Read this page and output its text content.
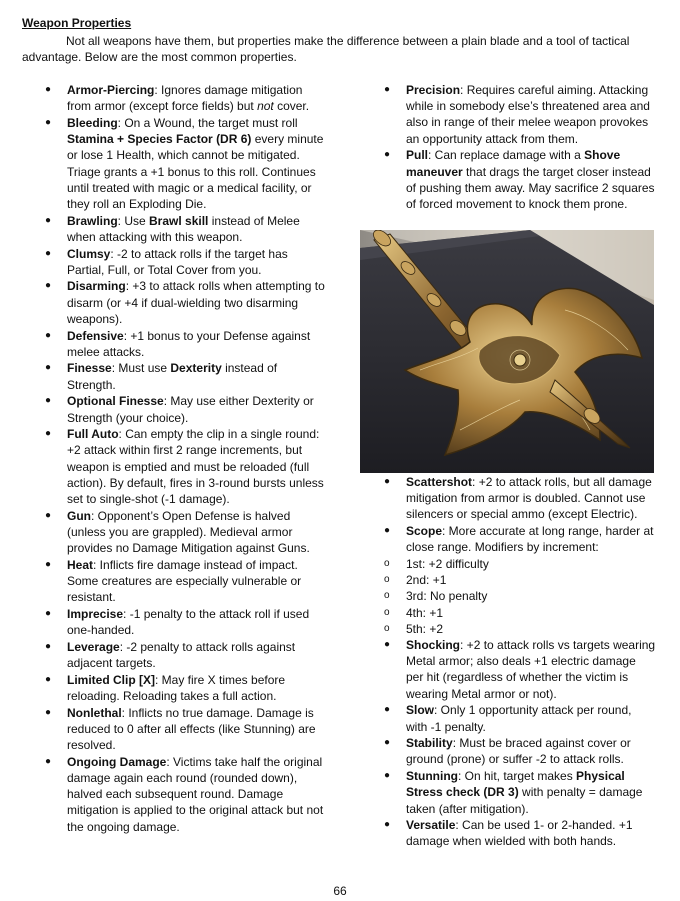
Weapon Properties

Not all weapons have them, but properties make the difference between a plain blade and a tool of tactical advantage. Below are the most common properties.

●	Armor-Piercing: Ignores damage mitigation from armor (except force fields) but not cover.
●	Bleeding: On a Wound, the target must roll Stamina + Species Factor (DR 6) every minute or lose 1 Health, which cannot be mitigated. Triage grants a +1 bonus to this roll. Continues until treated with magic or a medical facility, or they roll an Exploding Die.
●	Brawling: Use Brawl skill instead of Melee when attacking with this weapon.
●	Clumsy: -2 to attack rolls if the target has Partial, Full, or Total Cover from you.
●	Disarming: +3 to attack rolls when attempting to disarm (or +4 if dual-wielding two disarming weapons).
●	Defensive: +1 bonus to your Defense against melee attacks.
●	Finesse: Must use Dexterity instead of Strength.
●	Optional Finesse: May use either Dexterity or Strength (your choice).
●	Full Auto: Can empty the clip in a single round: +2 attack within first 2 range increments, but weapon is emptied and must be reloaded (full action). By default, fires in 3-round bursts unless set to single-shot (-1 damage).
●	Gun: Opponent’s Open Defense is halved (unless you are grappled). Medieval armor provides no Damage Mitigation against Guns.
●	Heat: Inflicts fire damage instead of impact. Some creatures are especially vulnerable or resistant.
●	Imprecise: -1 penalty to the attack roll if used one-handed.
●	Leverage: -2 penalty to attack rolls against adjacent targets.
●	Limited Clip [X]: May fire X times before reloading. Reloading takes a full action.
●	Nonlethal: Inflicts no true damage. Damage is reduced to 0 after all effects (like Stunning) are resolved.
●	Ongoing Damage: Victims take half the original damage again each round (rounded down), halved each subsequent round. Damage mitigation is applied to the original attack but not the ongoing damage.
●	Precision: Requires careful aiming. Attacking while in somebody else’s threatened area and also in range of their melee weapon provokes an opportunity attack from them.
●	Pull: Can replace damage with a Shove maneuver that drags the target closer instead of pushing them away. May sacrifice 2 squares of forced movement to knock them prone.
●	Scattershot: +2 to attack rolls, but all damage mitigation from armor is doubled. Cannot use silencers or special ammo (except Electric).
●	Scope: More accurate at long range, harder at close range. Modifiers by increment:
o 1st: +2 difficulty
o 2nd: +1
o 3rd: No penalty
o 4th: +1
o 5th: +2
●	Shocking: +2 to attack rolls vs targets wearing Metal armor; also deals +1 electric damage per hit (regardless of whether the victim is wearing Metal armor or not).
●	Slow: Only 1 opportunity attack per round, with -1 penalty.
●	Stability: Must be braced against cover or ground (prone) or suffer -2 to attack rolls.
●	Stunning: On hit, target makes Physical Stress check (DR 3) with penalty = damage taken (after mitigation).
●	Versatile: Can be used 1- or 2-handed. +1 damage when wielded with both hands.
66
